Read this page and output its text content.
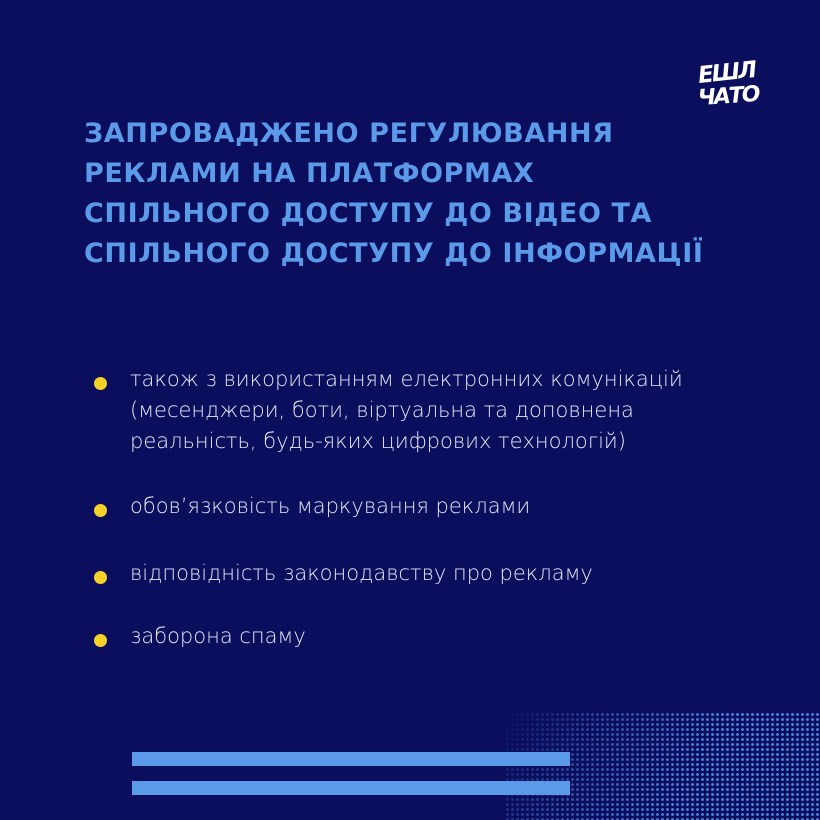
ЕШЛ
ЧАТО
ЗАПРОВАДЖЕНО РЕГУЛЮВАННЯ
РЕКЛАМИ НА ПЛАТФОРМАХ
СПІЛЬНОГО ДОСТУПУ ДО ВІДЕО ТА
СПІЛЬНОГО ДОСТУПУ ДО ІНФОРМАЦІЇ
також з використанням електронних комунікацій
(месенджери, боти, віртуальна та доповнена
реальність, будь-яких цифрових технологій)
обов’язковість маркування реклами
відповідність законодавству про рекламу
заборона спаму
